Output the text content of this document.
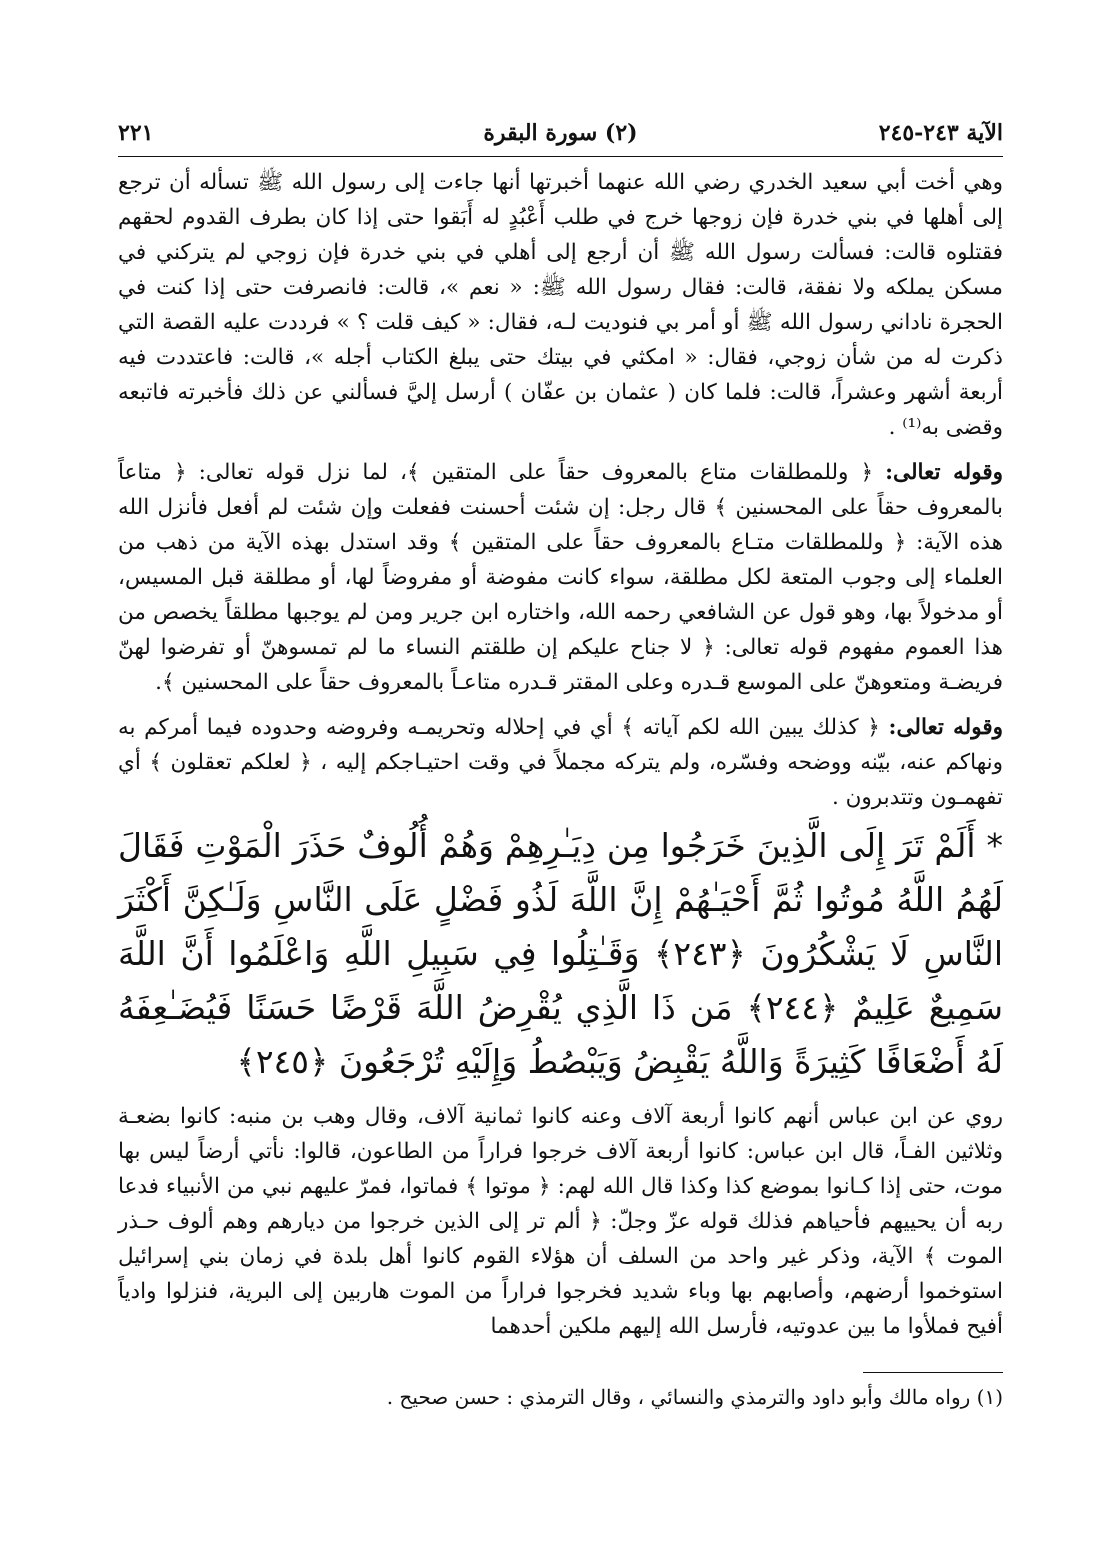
الآية ٢٤٣-٢٤٥
(٢) سورة البقرة
٢٢١

وهي أخت أبي سعيد الخدري رضي الله عنهما أخبرتها أنها جاءت إلى رسول الله ﷺ تسأله أن ترجع إلى أهلها في بني خدرة فإن زوجها خرج في طلب أَعْبُدٍ له أَبَقوا حتى إذا كان بطرف القدوم لحقهم فقتلوه قالت: فسألت رسول الله ﷺ أن أرجع إلى أهلي في بني خدرة فإن زوجي لم يتركني في مسكن يملكه ولا نفقة، قالت: فقال رسول الله ﷺ: « نعم »، قالت: فانصرفت حتى إذا كنت في الحجرة ناداني رسول الله ﷺ أو أمر بي فنوديت لـه، فقال: « كيف قلت ؟ » فرددت عليه القصة التي ذكرت له من شأن زوجي، فقال: « امكثي في بيتك حتى يبلغ الكتاب أجله »، قالت: فاعتددت فيه أربعة أشهر وعشراً، قالت: فلما كان ( عثمان بن عفّان ) أرسل إليَّ فسألني عن ذلك فأخبرته فاتبعه وقضى به⁽¹⁾ .

وقوله تعالى: ﴿ وللمطلقات متاع بالمعروف حقاً على المتقين ﴾، لما نزل قوله تعالى: ﴿ متاعاً بالمعروف حقاً على المحسنين ﴾ قال رجل: إن شئت أحسنت ففعلت وإن شئت لم أفعل فأنزل الله هذه الآية: ﴿ وللمطلقات متـاع بالمعروف حقاً على المتقين ﴾ وقد استدل بهذه الآية من ذهب من العلماء إلى وجوب المتعة لكل مطلقة، سواء كانت مفوضة أو مفروضاً لها، أو مطلقة قبل المسيس، أو مدخولاً بها، وهو قول عن الشافعي رحمه الله، واختاره ابن جرير ومن لم يوجبها مطلقاً يخصص من هذا العموم مفهوم قوله تعالى: ﴿ لا جناح عليكم إن طلقتم النساء ما لم تمسوهنّ أو تفرضوا لهنّ فريضـة ومتعوهنّ على الموسع قـدره وعلى المقتر قـدره متاعـاً بالمعروف حقاً على المحسنين ﴾.

وقوله تعالى: ﴿ كذلك يبين الله لكم آياته ﴾ أي في إحلاله وتحريمـه وفروضه وحدوده فيما أمركم به ونهاكم عنه، بيّنه ووضحه وفسّره، ولم يتركه مجملاً في وقت احتيـاجكم إليه ، ﴿ لعلكم تعقلون ﴾ أي تفهمـون وتتدبرون .

* أَلَمْ تَرَ إِلَى الَّذِينَ خَرَجُوا مِن دِيَـٰرِهِمْ وَهُمْ أُلُوفٌ حَذَرَ الْمَوْتِ فَقَالَ لَهُمُ اللَّهُ مُوتُوا ثُمَّ أَحْيَـٰهُمْ إِنَّ اللَّهَ لَذُو فَضْلٍ عَلَى النَّاسِ وَلَـٰكِنَّ أَكْثَرَ النَّاسِ لَا يَشْكُرُونَ ﴿٢٤٣﴾ وَقَـٰتِلُوا فِي سَبِيلِ اللَّهِ وَاعْلَمُوا أَنَّ اللَّهَ سَمِيعٌ عَلِيمٌ ﴿٢٤٤﴾ مَن ذَا الَّذِي يُقْرِضُ اللَّهَ قَرْضًا حَسَنًا فَيُضَـٰعِفَهُ لَهُ أَضْعَافًا كَثِيرَةً وَاللَّهُ يَقْبِضُ وَيَبْصُطُ وَإِلَيْهِ تُرْجَعُونَ ﴿٢٤٥﴾

روي عن ابن عباس أنهم كانوا أربعة آلاف وعنه كانوا ثمانية آلاف، وقال وهب بن منبه: كانوا بضعـة وثلاثين الفـاً، قال ابن عباس: كانوا أربعة آلاف خرجوا فراراً من الطاعون، قالوا: نأتي أرضاً ليس بها موت، حتى إذا كـانوا بموضع كذا وكذا قال الله لهم: ﴿ موتوا ﴾ فماتوا، فمرّ عليهم نبي من الأنبياء فدعا ربه أن يحييهم فأحياهم فذلك قوله عزّ وجلّ: ﴿ ألم تر إلى الذين خرجوا من ديارهم وهم ألوف حـذر الموت ﴾ الآية، وذكر غير واحد من السلف أن هؤلاء القوم كانوا أهل بلدة في زمان بني إسرائيل استوخموا أرضهم، وأصابهم بها وباء شديد فخرجوا فراراً من الموت هاربين إلى البرية، فنزلوا وادياً أفيح فملأوا ما بين عدوتيه، فأرسل الله إليهم ملكين أحدهما

(١) رواه مالك وأبو داود والترمذي والنسائي ، وقال الترمذي : حسن صحيح .
